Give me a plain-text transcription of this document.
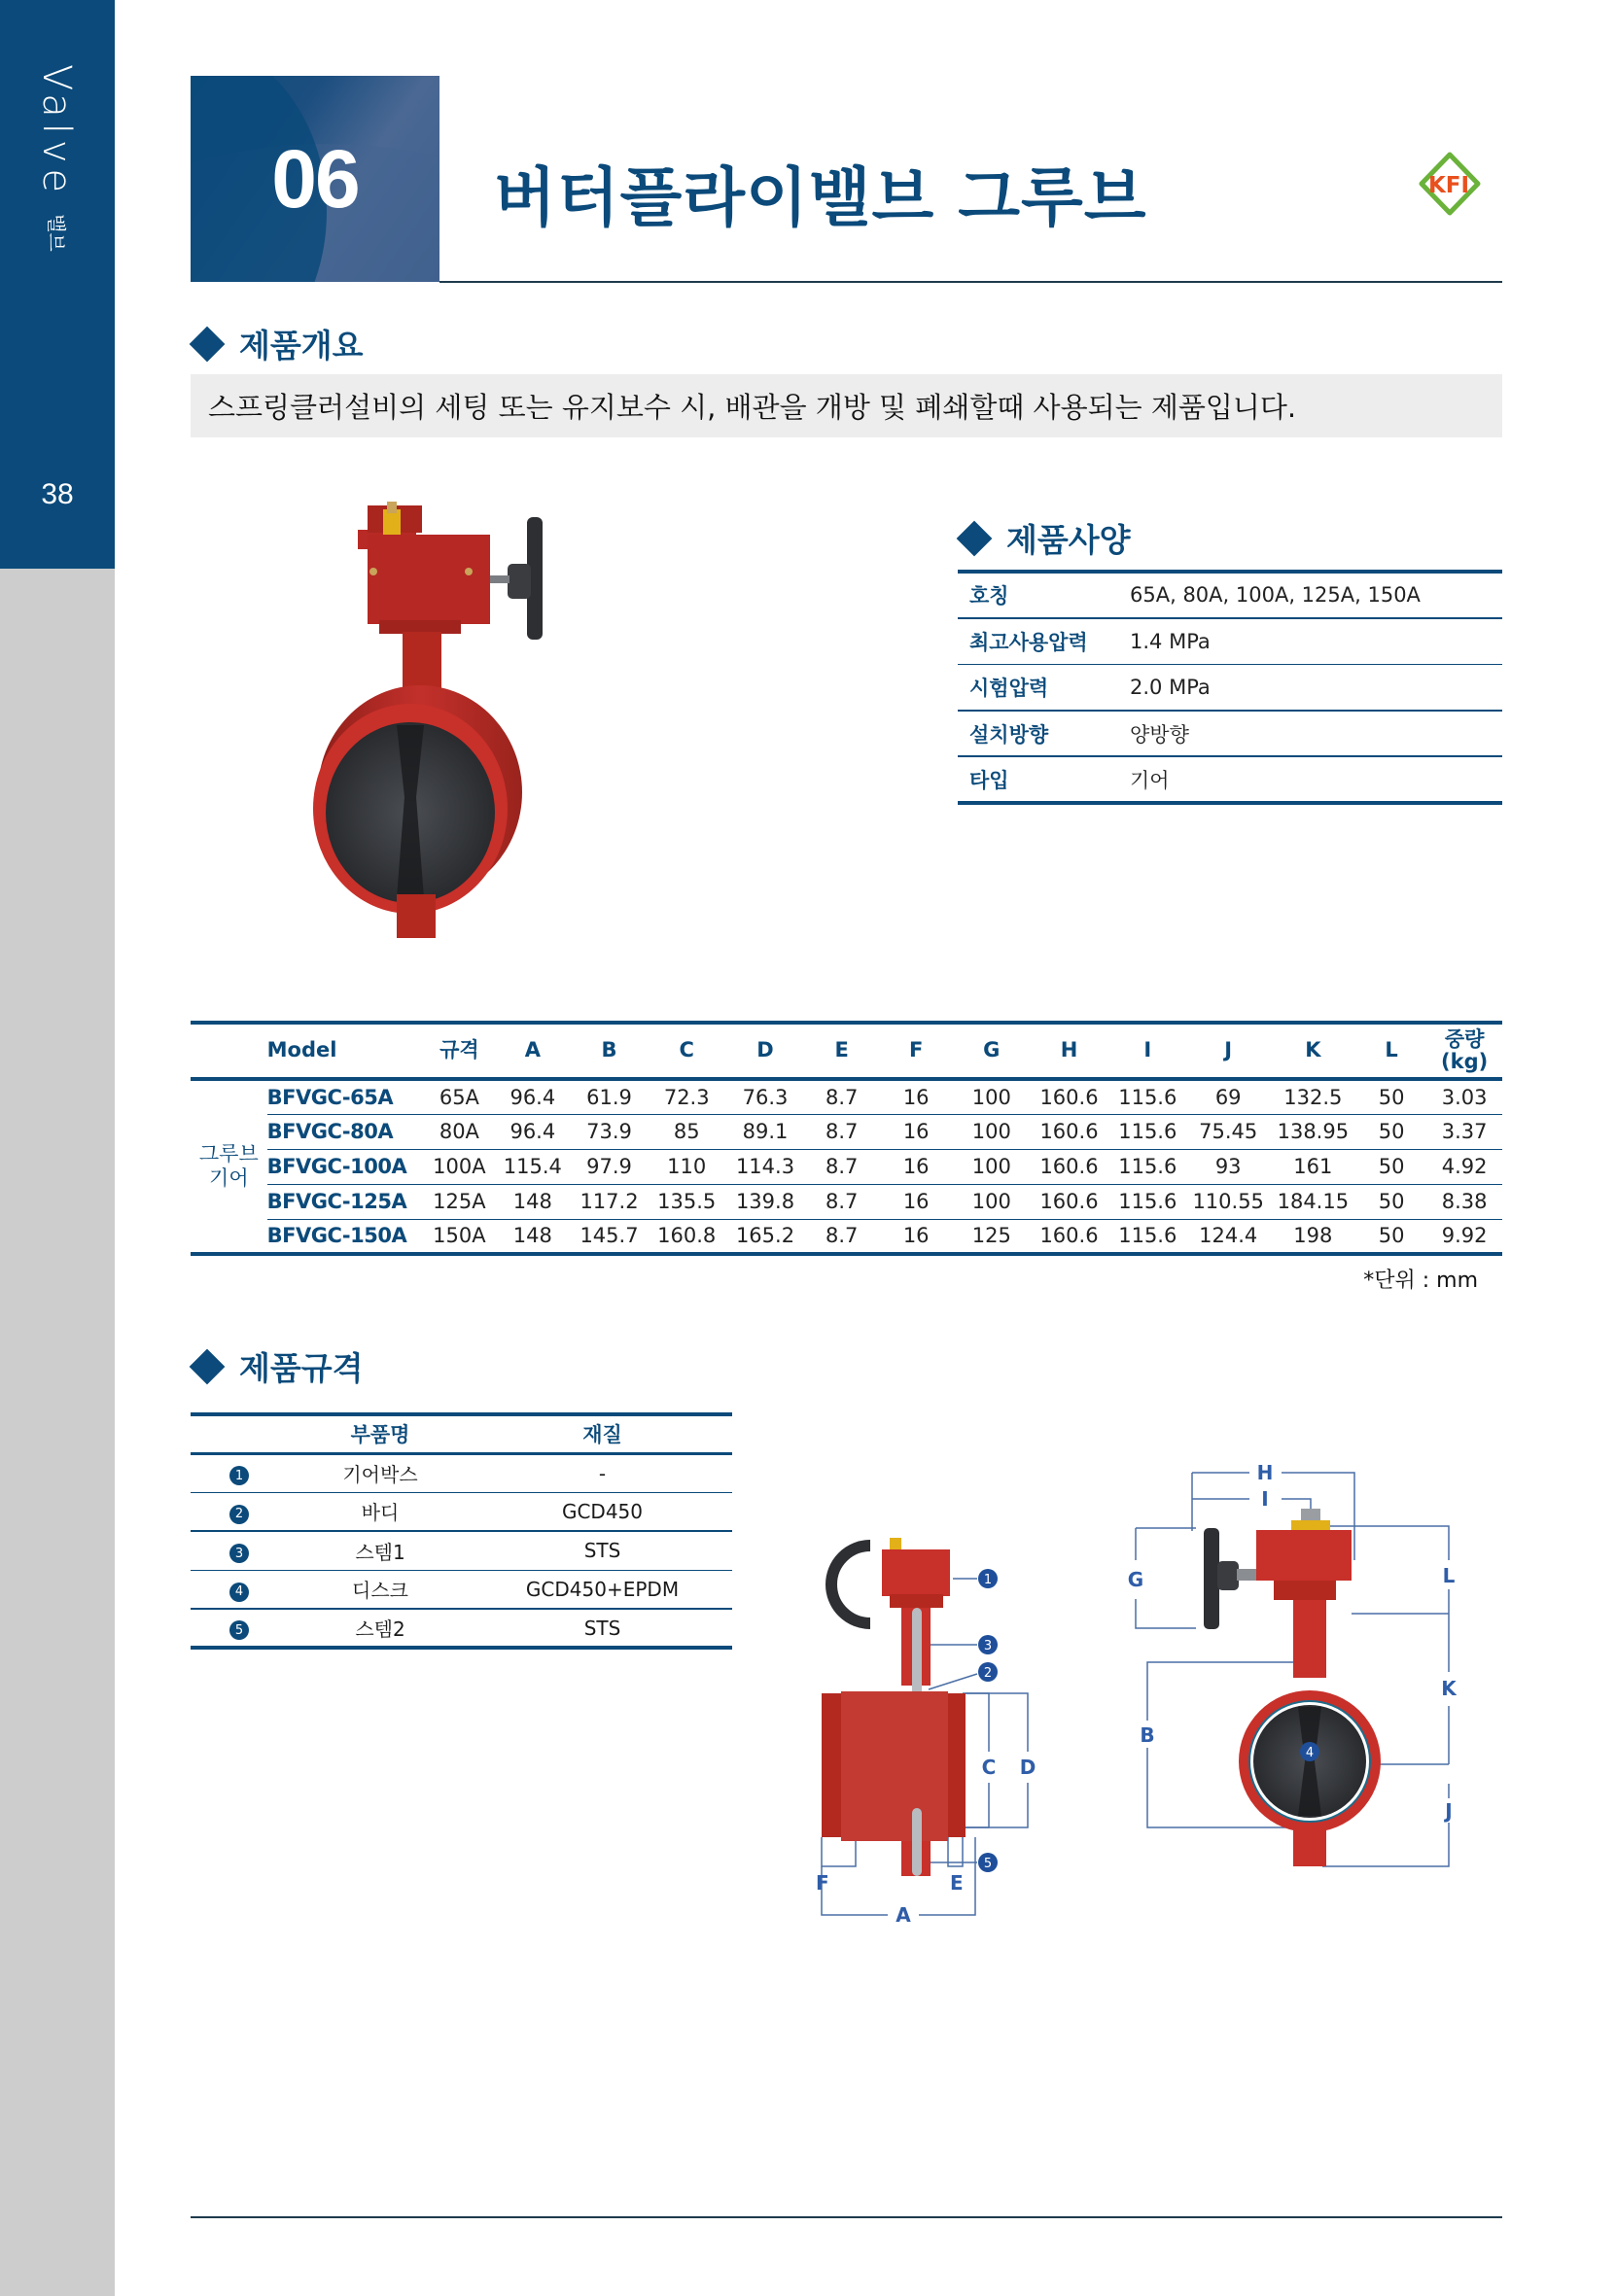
Valve
밸브
38
06	버터플라이밸브 그루브	KFI
제품개요
스프링클러설비의 세팅 또는 유지보수 시, 배관을 개방 및 폐쇄할때 사용되는 제품입니다.
제품사양
호칭	65A, 80A, 100A, 125A, 150A
최고사용압력	1.4 MPa
시험압력	2.0 MPa
설치방향	양방향
타입	기어
	Model	규격	A	B	C	D	E	F	G	H	I	J	K	L	중량
(kg)
그루브
기어	BFVGC-65A	65A	96.4	61.9	72.3	76.3	8.7	16	100	160.6	115.6	69	132.5	50	3.03
	BFVGC-80A	80A	96.4	73.9	85	89.1	8.7	16	100	160.6	115.6	75.45	138.95	50	3.37
	BFVGC-100A	100A	115.4	97.9	110	114.3	8.7	16	100	160.6	115.6	93	161	50	4.92
	BFVGC-125A	125A	148	117.2	135.5	139.8	8.7	16	100	160.6	115.6	110.55	184.15	50	8.38
	BFVGC-150A	150A	148	145.7	160.8	165.2	8.7	16	125	160.6	115.6	124.4	198	50	9.92
*단위 : mm
제품규격
	부품명	재질
1	기어박스	-
2	바디	GCD450
3	스템1	STS
4	디스크	GCD450+EPDM
5	스템2	STS
1
3
2
5
C D
F	E
A
4
H
I
G	L
K
B
J
